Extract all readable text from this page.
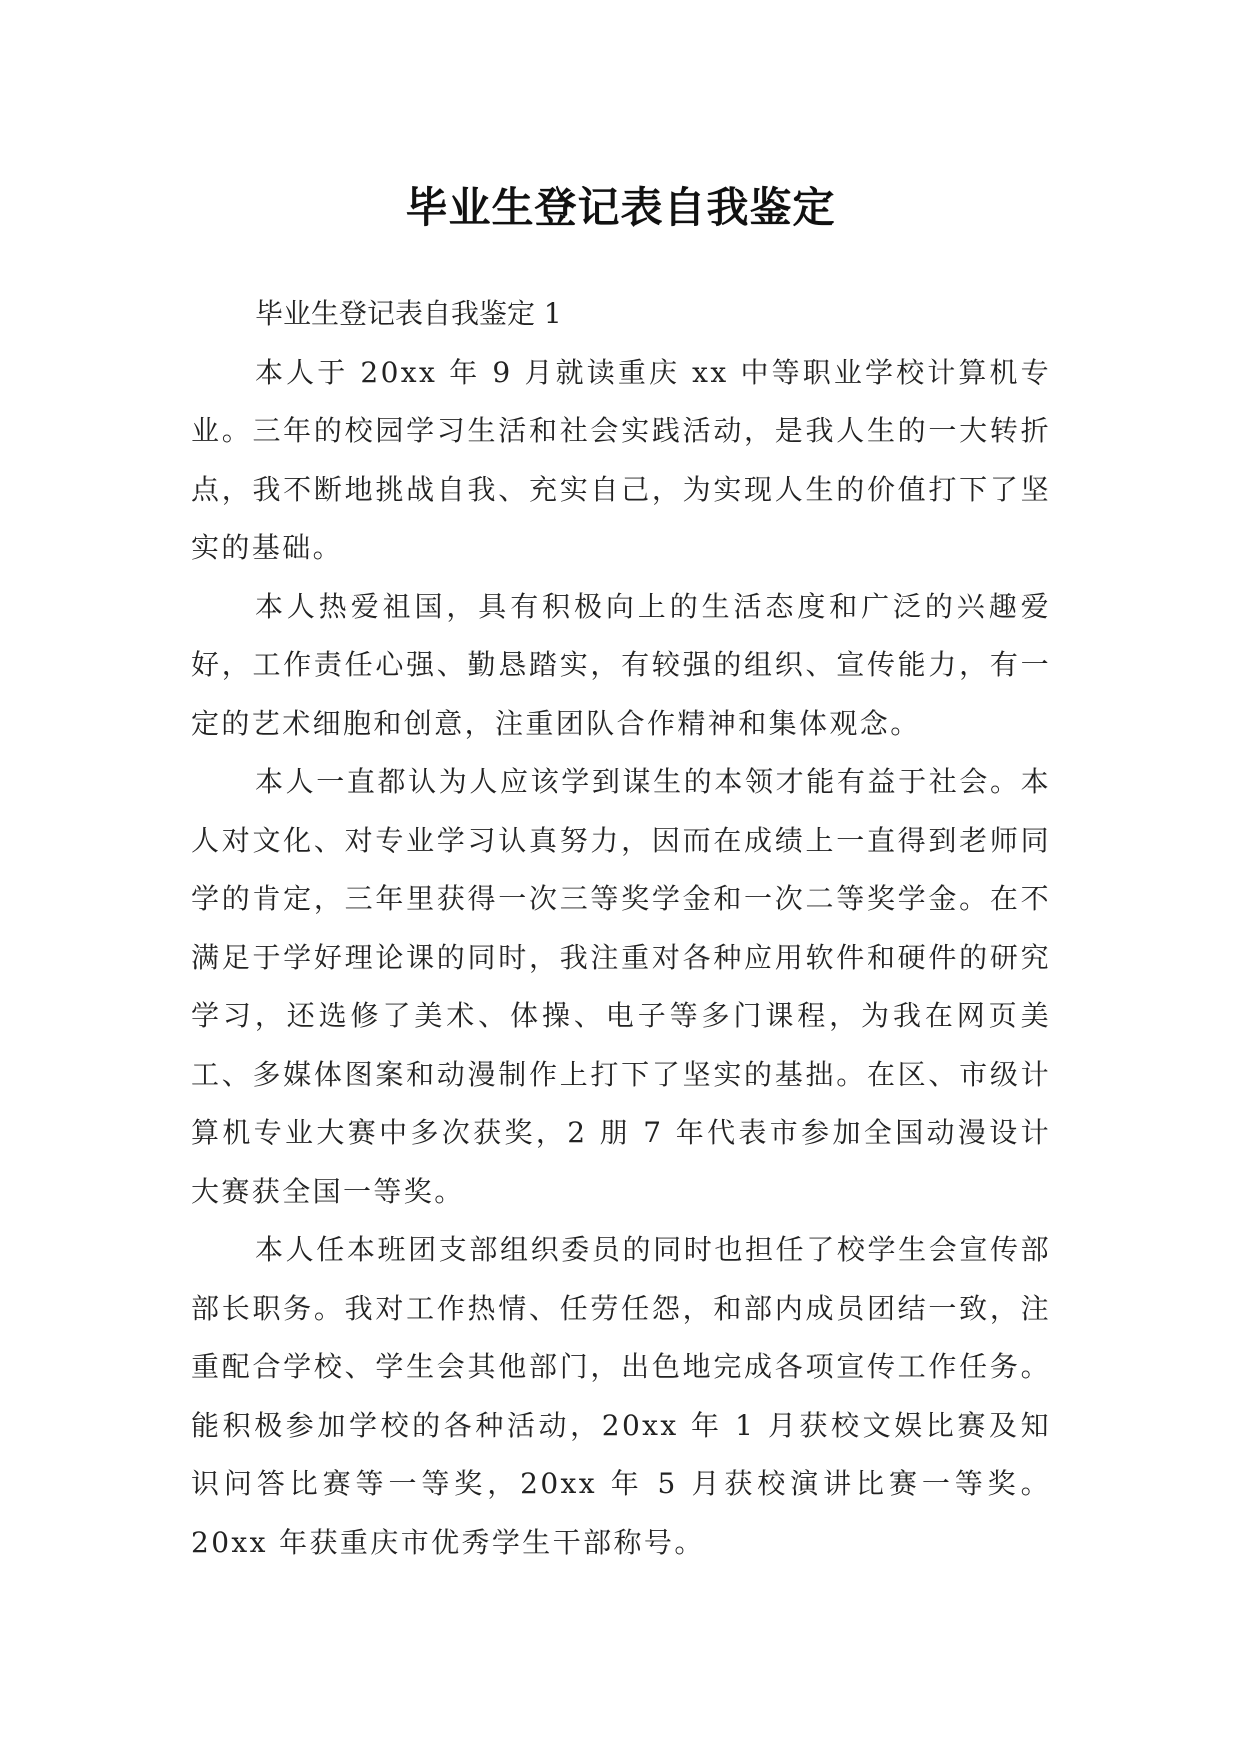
毕业生登记表自我鉴定

毕业生登记表自我鉴定 1

本人于 20xx 年 9 月就读重庆 xx 中等职业学校计算机专业。三年的校园学习生活和社会实践活动，是我人生的一大转折点，我不断地挑战自我、充实自己，为实现人生的价值打下了坚实的基础。

本人热爱祖国，具有积极向上的生活态度和广泛的兴趣爱好，工作责任心强、勤恳踏实，有较强的组织、宣传能力，有一定的艺术细胞和创意，注重团队合作精神和集体观念。

本人一直都认为人应该学到谋生的本领才能有益于社会。本人对文化、对专业学习认真努力，因而在成绩上一直得到老师同学的肯定，三年里获得一次三等奖学金和一次二等奖学金。在不满足于学好理论课的同时，我注重对各种应用软件和硬件的研究学习，还选修了美术、体操、电子等多门课程，为我在网页美工、多媒体图案和动漫制作上打下了坚实的基拙。在区、市级计算机专业大赛中多次获奖，2 朋 7 年代表市参加全国动漫设计大赛获全国一等奖。

本人任本班团支部组织委员的同时也担任了校学生会宣传部部长职务。我对工作热情、任劳任怨，和部内成员团结一致，注重配合学校、学生会其他部门，出色地完成各项宣传工作任务。能积极参加学校的各种活动，20xx 年 1 月获校文娱比赛及知识问答比赛等一等奖，20xx 年 5 月获校演讲比赛一等奖。20xx 年获重庆市优秀学生干部称号。
